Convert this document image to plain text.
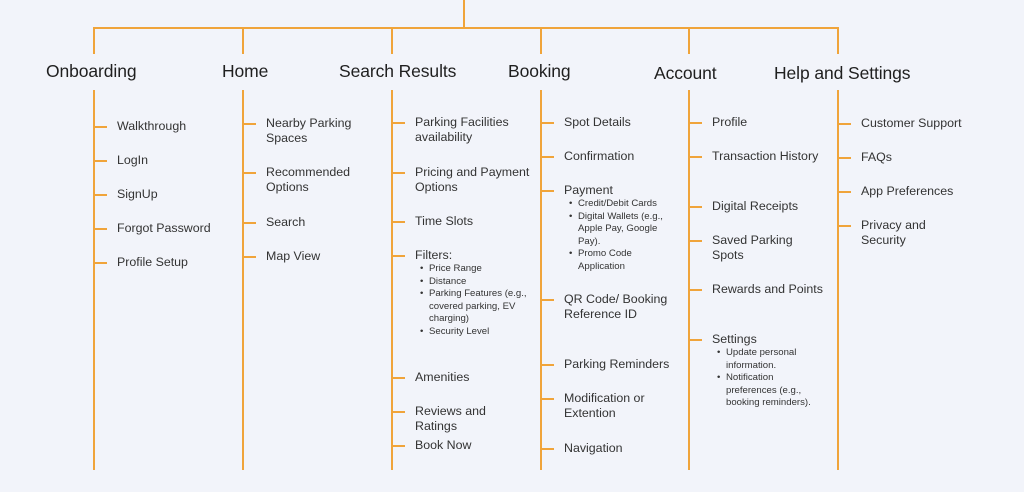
Onboarding
Walkthrough
LogIn
SignUp
Forgot Password
Profile Setup
Home
Nearby Parking Spaces
Recommended Options
Search
Map View
Search Results
Parking Facilities availability
Pricing and Payment Options
Time Slots
Filters:
• Price Range
• Distance
• Parking Features (e.g., covered parking, EV charging)
• Security Level
Amenities
Reviews and Ratings
Book Now
Booking
Spot Details
Confirmation
Payment
• Credit/Debit Cards
• Digital Wallets (e.g., Apple Pay, Google Pay).
• Promo Code Application
QR Code/ Booking Reference ID
Parking Reminders
Modification or Extention
Navigation
Account
Profile
Transaction History
Digital Receipts
Saved Parking Spots
Rewards and Points
Settings
• Update personal information.
• Notification preferences (e.g., booking reminders).
Help and Settings
Customer Support
FAQs
App Preferences
Privacy and Security
